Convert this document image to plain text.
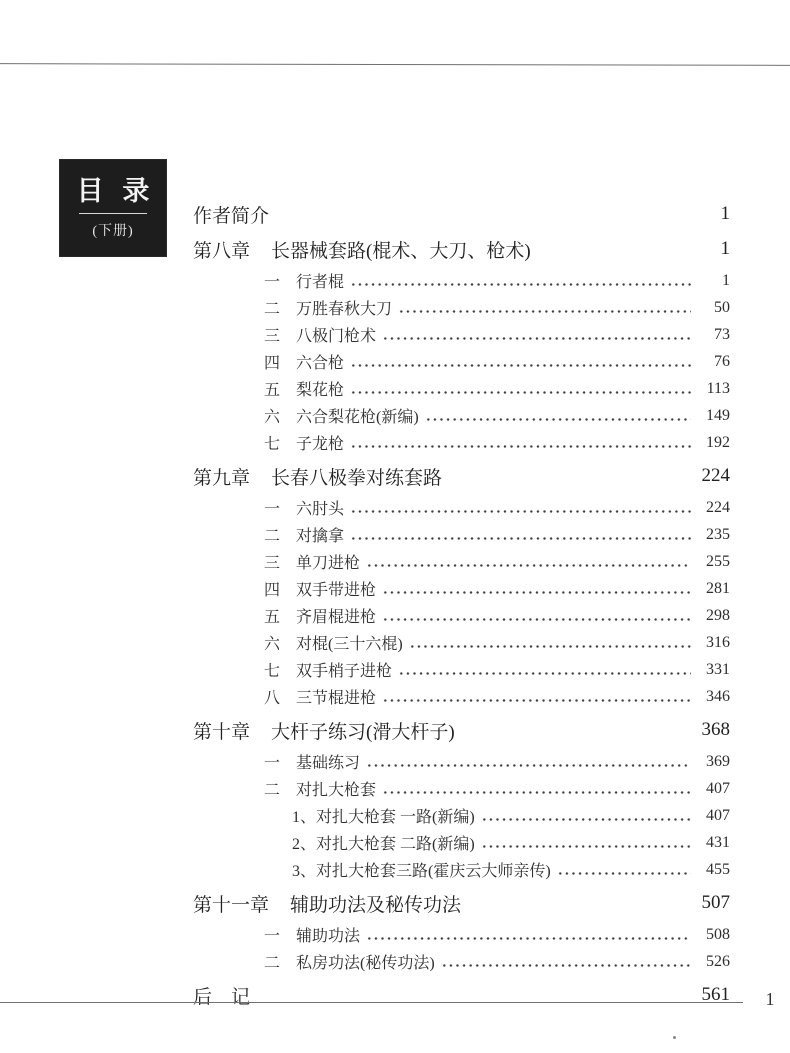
目 录
(下册)
作者简介	1
第八章 长器械套路(棍术、大刀、枪术)	1
一 行者棍	1
二 万胜春秋大刀	50
三 八极门枪术	73
四 六合枪	76
五 梨花枪	113
六 六合梨花枪(新编)	149
七 子龙枪	192
第九章 长春八极拳对练套路	224
一 六肘头	224
二 对擒拿	235
三 单刀进枪	255
四 双手带进枪	281
五 齐眉棍进枪	298
六 对棍(三十六棍)	316
七 双手梢子进枪	331
八 三节棍进枪	346
第十章 大杆子练习(滑大杆子)	368
一 基础练习	369
二 对扎大枪套	407
1、对扎大枪套 一路(新编)	407
2、对扎大枪套 二路(新编)	431
3、对扎大枪套三路(霍庆云大师亲传)	455
第十一章 辅助功法及秘传功法	507
一 辅助功法	508
二 私房功法(秘传功法)	526
后　记	561	1
